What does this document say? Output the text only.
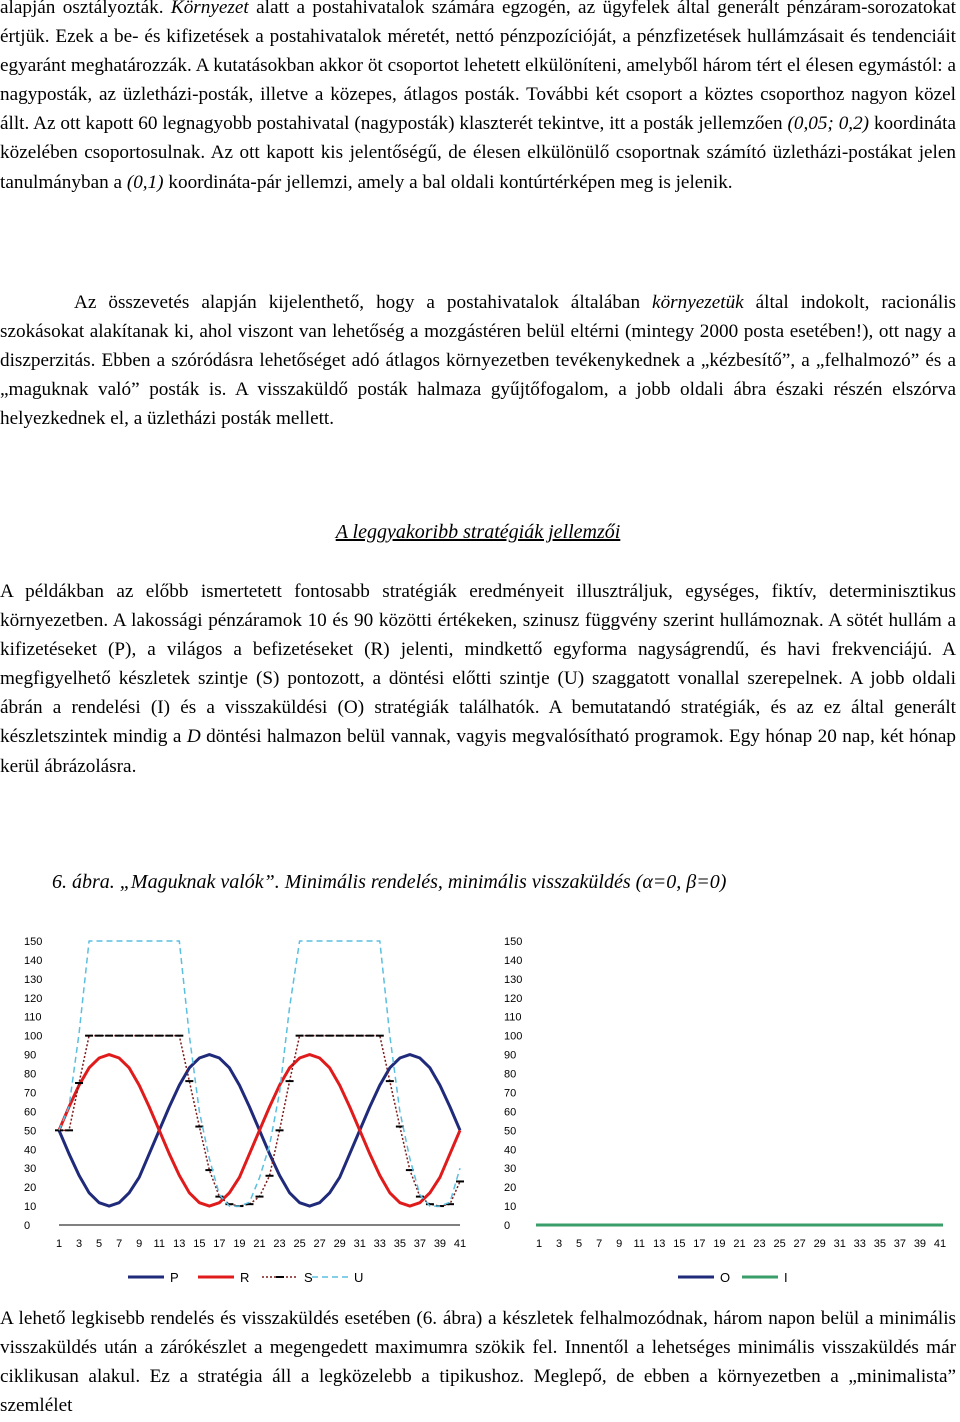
alapján osztályozták. Környezet alatt a postahivatalok számára egzogén, az ügyfelek által generált pénzáram-sorozatokat értjük. Ezek a be- és kifizetések a postahivatalok méretét, nettó pénzpozícióját, a pénzfizetések hullámzásait és tendenciáit egyaránt meghatározzák. A kutatásokban akkor öt csoportot lehetett elkülöníteni, amelyből három tért el élesen egymástól: a nagyposták, az üzletházi-posták, illetve a közepes, átlagos posták. További két csoport a köztes csoporthoz nagyon közel állt. Az ott kapott 60 legnagyobb postahivatal (nagyposták) klaszterét tekintve, itt a posták jellemzően (0,05; 0,2) koordináta közelében csoportosulnak. Az ott kapott kis jelentőségű, de élesen elkülönülő csoportnak számító üzletházi-postákat jelen tanulmányban a (0,1) koordináta-pár jellemzi, amely a bal oldali kontúrtérképen meg is jelenik.
Az összevetés alapján kijelenthető, hogy a postahivatalok általában környezetük által indokolt, racionális szokásokat alakítanak ki, ahol viszont van lehetőség a mozgástéren belül eltérni (mintegy 2000 posta esetében!), ott nagy a diszperzitás. Ebben a szóródásra lehetőséget adó átlagos környezetben tevékenykednek a „kézbesítő”, a „felhalmozó” és a „maguknak való” posták is. A visszaküldő posták halmaza gyűjtőfogalom, a jobb oldali ábra északi részén elszórva helyezkednek el, a üzletházi posták mellett.

A leggyakoribb stratégiák jellemzői

A példákban az előbb ismertetett fontosabb stratégiák eredményeit illusztráljuk, egységes, fiktív, determinisztikus környezetben. A lakossági pénzáramok 10 és 90 közötti értékeken, szinusz függvény szerint hullámoznak. A sötét hullám a kifizetéseket (P), a világos a befizetéseket (R) jelenti, mindkettő egyforma nagyságrendű, és havi frekvenciájú. A megfigyelhető készletek szintje (S) pontozott, a döntési előtti szintje (U) szaggatott vonallal szerepelnek. A jobb oldali ábrán a rendelési (I) és a visszaküldési (O) stratégiák találhatók. A bemutatandó stratégiák, és az ez által generált készletszintek mindig a D döntési halmazon belül vannak, vagyis megvalósítható programok. Egy hónap 20 nap, két hónap kerül ábrázolásra.

6. ábra. „Maguknak valók”. Minimális rendelés, minimális visszaküldés (α=0, β=0)

0
10
20
30
40
50
60
70
80
90
100
110
120
130
140
150
1 3 5 7 9 11 13 15 17 19 21 23 25 27 29 31 33 35 37 39 41
P	R	S	U
0
10
20
30
40
50
60
70
80
90
100
110
120
130
140
150
1 3 5 7 9 11 13 15 17 19 21 23 25 27 29 31 33 35 37 39 41
O	I
A lehető legkisebb rendelés és visszaküldés esetében (6. ábra) a készletek felhalmozódnak, három napon belül a minimális visszaküldés után a zárókészlet a megengedett maximumra szökik fel. Innentől a lehetséges minimális visszaküldés már ciklikusan alakul. Ez a stratégia áll a legközelebb a tipikushoz. Meglepő, de ebben a környezetben a „minimalista” szemlélet
